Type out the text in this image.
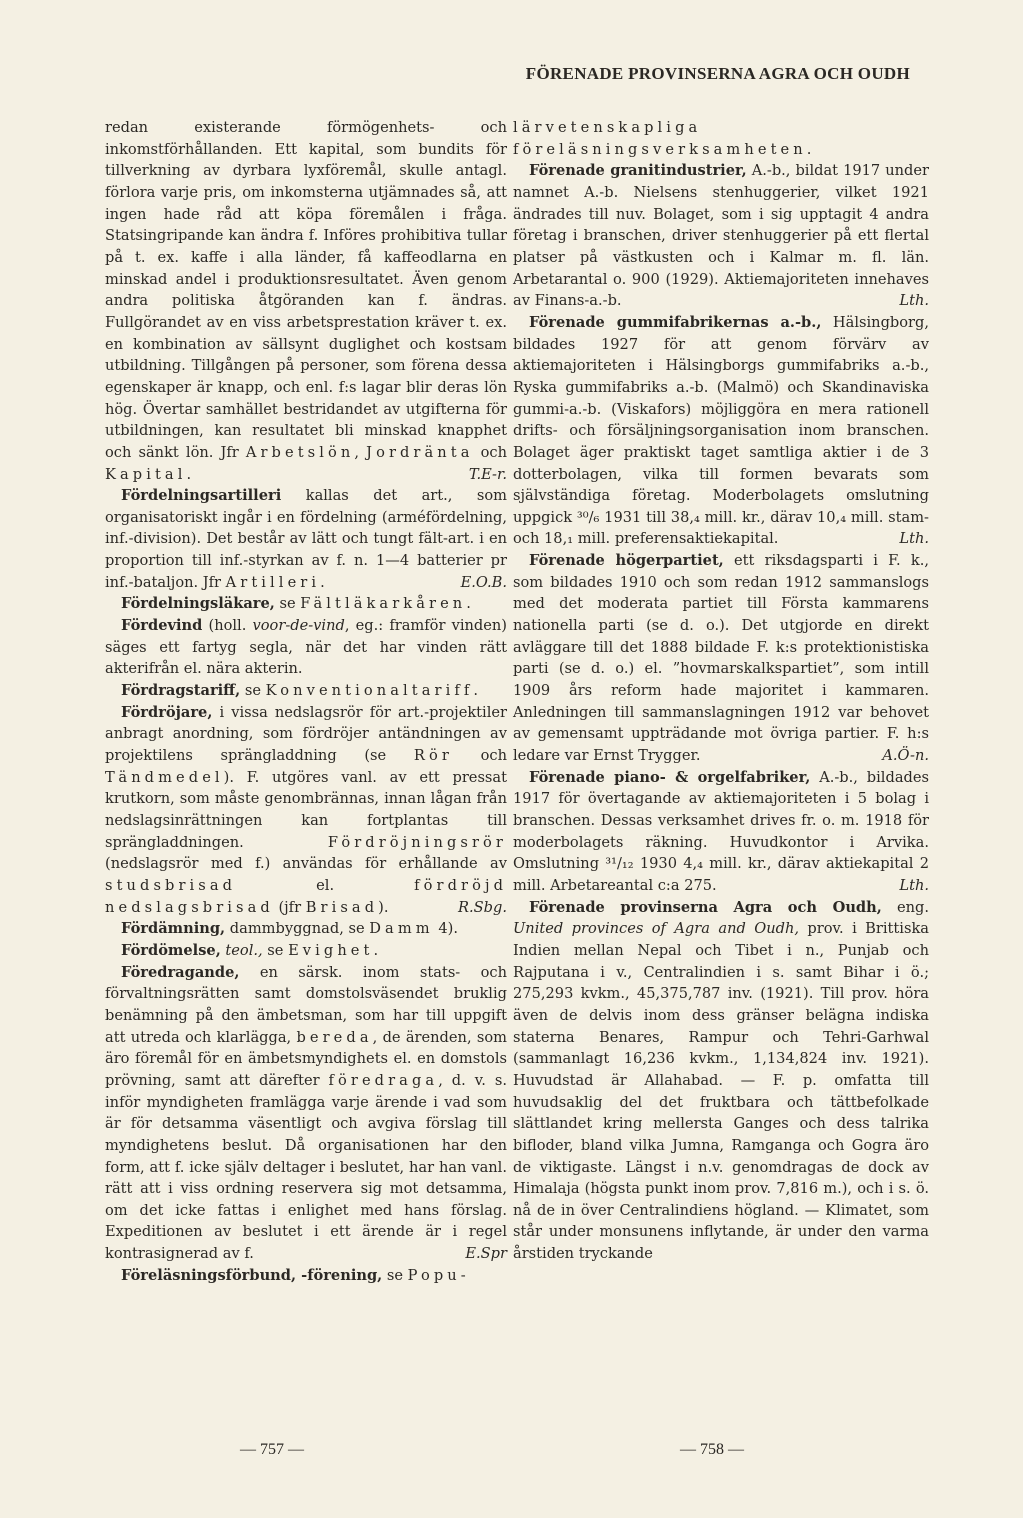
FÖRENADE PROVINSERNA AGRA OCH OUDH

redan existerande förmögenhets- och inkomstförhållanden. Ett kapital, som bundits för tillverkning av dyrbara lyxföremål, skulle antagl. förlora varje pris, om inkomsterna utjämnades så, att ingen hade råd att köpa föremålen i fråga. Statsingripande kan ändra f. Införes prohibitiva tullar på t. ex. kaffe i alla länder, få kaffeodlarna en minskad andel i produktionsresultatet. Även genom andra politiska åtgöranden kan f. ändras. Fullgörandet av en viss arbetsprestation kräver t. ex. en kombination av sällsynt duglighet och kostsam utbildning. Tillgången på personer, som förena dessa egenskaper är knapp, och enl. f:s lagar blir deras lön hög. Övertar samhället bestridandet av utgifterna för utbildningen, kan resultatet bli minskad knapphet och sänkt lön. Jfr Arbetslön, Jordränta och Kapital.	T.E-r.

Fördelningsartilleri kallas det art., som organisatoriskt ingår i en fördelning (arméfördelning, inf.-division). Det består av lätt och tungt fält-art. i en proportion till inf.-styrkan av f. n. 1—4 batterier pr inf.-bataljon. Jfr Artilleri.	E.O.B.

Fördelningsläkare, se Fältläkarkåren.

Fördevind (holl. voor-de-vind, eg.: framför vinden) säges ett fartyg segla, när det har vinden rätt akterifrån el. nära akterin.

Fördragstariff, se Konventionaltariff.

Fördröjare, i vissa nedslagsrör för art.-projektiler anbragt anordning, som fördröjer antändningen av projektilens sprängladdning (se Rör och Tändmedel). F. utgöres vanl. av ett pressat krutkorn, som måste genombrännas, innan lågan från nedslagsinrättningen kan fortplantas till sprängladdningen. Fördröjningsrör (nedslagsrör med f.) användas för erhållande av studsbrisad el. fördröjd nedslagsbrisad (jfr Brisad).	R.Sbg.

Fördämning, dammbyggnad, se Damm 4).

Fördömelse, teol., se Evighet.

Föredragande, en särsk. inom stats- och förvaltningsrätten samt domstolsväsendet bruklig benämning på den ämbetsman, som har till uppgift att utreda och klarlägga, bereda, de ärenden, som äro föremål för en ämbetsmyndighets el. en domstols prövning, samt att därefter föredraga, d. v. s. inför myndigheten framlägga varje ärende i vad som är för detsamma väsentligt och avgiva förslag till myndighetens beslut. Då organisationen har den form, att f. icke själv deltager i beslutet, har han vanl. rätt att i viss ordning reservera sig mot detsamma, om det icke fattas i enlighet med hans förslag. Expeditionen av beslutet i ett ärende är i regel kontrasignerad av f.	E.Spr

Föreläsningsförbund, -förening, se Popu-

lärvetenskapliga föreläsningsverksamheten.

Förenade granitindustrier, A.-b., bildat 1917 under namnet A.-b. Nielsens stenhuggerier, vilket 1921 ändrades till nuv. Bolaget, som i sig upptagit 4 andra företag i branschen, driver stenhuggerier på ett flertal platser på västkusten och i Kalmar m. fl. län. Arbetarantal o. 900 (1929). Aktiemajoriteten innehaves av Finans-a.-b.	Lth.

Förenade gummifabrikernas a.-b., Hälsingborg, bildades 1927 för att genom förvärv av aktiemajoriteten i Hälsingborgs gummifabriks a.-b., Ryska gummifabriks a.-b. (Malmö) och Skandinaviska gummi-a.-b. (Viskafors) möjliggöra en mera rationell drifts- och försäljningsorganisation inom branschen. Bolaget äger praktiskt taget samtliga aktier i de 3 dotterbolagen, vilka till formen bevarats som självständiga företag. Moderbolagets omslutning uppgick ³⁰/₆ 1931 till 38,₄ mill. kr., därav 10,₄ mill. stam- och 18,₁ mill. preferensaktiekapital.	Lth.

Förenade högerpartiet, ett riksdagsparti i F. k., som bildades 1910 och som redan 1912 sammanslogs med det moderata partiet till Första kammarens nationella parti (se d. o.). Det utgjorde en direkt avläggare till det 1888 bildade F. k:s protektionistiska parti (se d. o.) el. ”hovmarskalkspartiet”, som intill 1909 års reform hade majoritet i kammaren. Anledningen till sammanslagningen 1912 var behovet av gemensamt uppträdande mot övriga partier. F. h:s ledare var Ernst Trygger.	A.Ö-n.

Förenade piano- & orgelfabriker, A.-b., bildades 1917 för övertagande av aktiemajoriteten i 5 bolag i branschen. Dessas verksamhet drives fr. o. m. 1918 för moderbolagets räkning. Huvudkontor i Arvika. Omslutning ³¹/₁₂ 1930 4,₄ mill. kr., därav aktiekapital 2 mill. Arbetareantal c:a 275.	Lth.

Förenade provinserna Agra och Oudh, eng. United provinces of Agra and Oudh, prov. i Brittiska Indien mellan Nepal och Tibet i n., Punjab och Rajputana i v., Centralindien i s. samt Bihar i ö.; 275,293 kvkm., 45,375,787 inv. (1921). Till prov. höra även de delvis inom dess gränser belägna indiska staterna Benares, Rampur och Tehri-Garhwal (sammanlagt 16,236 kvkm., 1,134,824 inv. 1921). Huvudstad är Allahabad. — F. p. omfatta till huvudsaklig del det fruktbara och tättbefolkade slättlandet kring mellersta Ganges och dess talrika bifloder, bland vilka Jumna, Ramganga och Gogra äro de viktigaste. Längst i n.v. genomdragas de dock av Himalaja (högsta punkt inom prov. 7,816 m.), och i s. ö. nå de in över Centralindiens högland. — Klimatet, som står under monsunens inflytande, är under den varma årstiden tryckande

— 757 —	— 758 —
